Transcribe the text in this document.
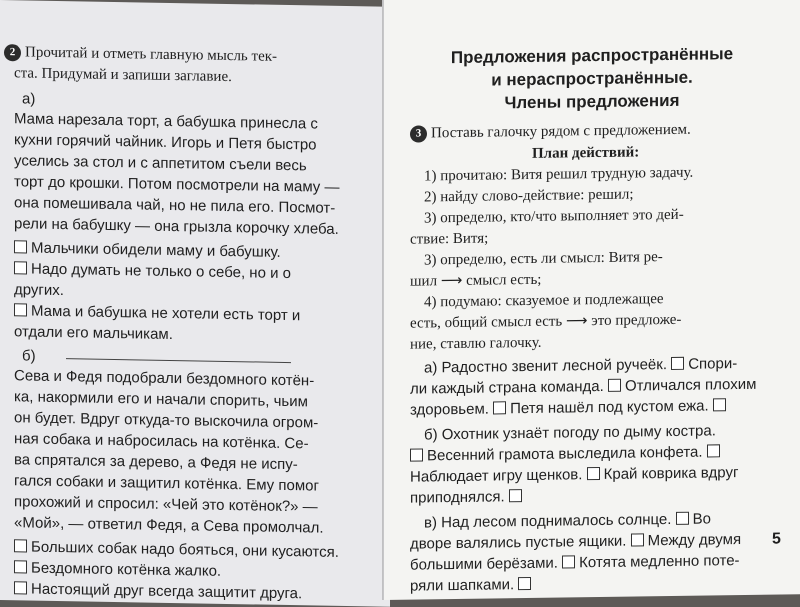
2 Прочитай и отметь главную мысль тек-
ста. Придумай и запиши заглавие.
а)
Мама нарезала торт, а бабушка принесла с
кухни горячий чайник. Игорь и Петя быстро
уселись за стол и с аппетитом съели весь
торт до крошки. Потом посмотрели на маму —
она помешивала чай, но не пила его. Посмот-
рели на бабушку — она грызла корочку хлеба.
Мальчики обидели маму и бабушку.
Надо думать не только о себе, но и о
других.
Мама и бабушка не хотели есть торт и
отдали его мальчикам.
б)
Сева и Федя подобрали бездомного котён-
ка, накормили его и начали спорить, чьим
он будет. Вдруг откуда-то выскочила огром-
ная собака и набросилась на котёнка. Се-
ва спрятался за дерево, а Федя не испу-
гался собаки и защитил котёнка. Ему помог
прохожий и спросил: «Чей это котёнок?» —
«Мой», — ответил Федя, а Сева промолчал.
Больших собак надо бояться, они кусаются.
Бездомного котёнка жалко.
Настоящий друг всегда защитит друга.
Предложения распространённые
и нераспространённые.
Члены предложения
3 Поставь галочку рядом с предложением.
План действий:
1) прочитаю: Витя решил трудную задачу.
2) найду слово-действие: решил;
3) определю, кто/что выполняет это дей-
ствие: Витя;
3) определю, есть ли смысл: Витя ре-
шил ⟶ смысл есть;
4) подумаю: сказуемое и подлежащее
есть, общий смысл есть ⟶ это предложе-
ние, ставлю галочку.
а) Радостно звенит лесной ручеёк. Спори-
ли каждый страна команда. Отличался плохим
здоровьем. Петя нашёл под кустом ежа.
б) Охотник узнаёт погоду по дыму костра.
Весенний грамота выследила конфета.
Наблюдает игру щенков. Край коврика вдруг
приподнялся.
в) Над лесом поднималось солнце. Во
дворе валялись пустые ящики. Между двумя
большими берёзами. Котята медленно поте-
ряли шапками.
5
